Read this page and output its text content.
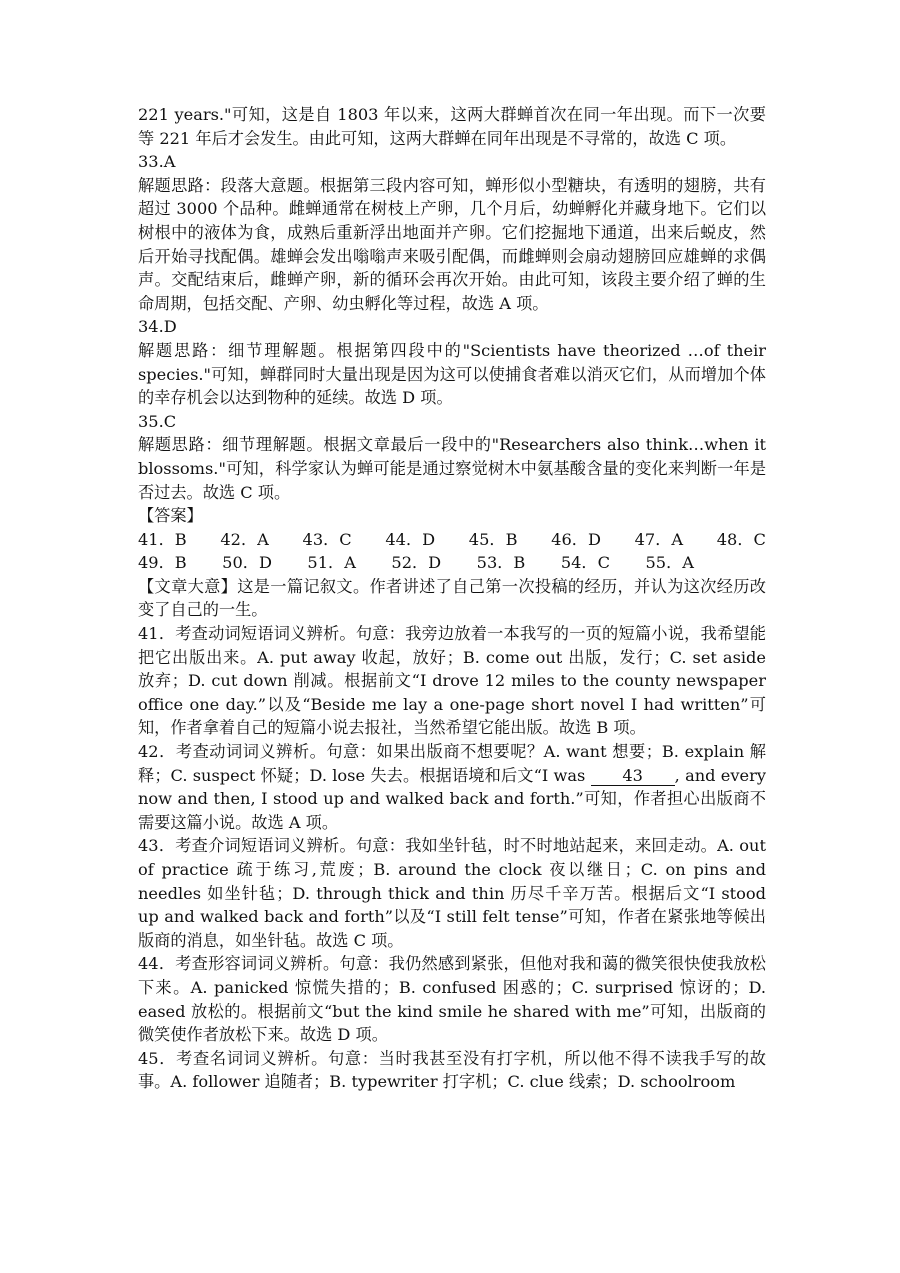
221 years."可知，这是自 1803 年以来，这两大群蝉首次在同一年出现。而下一次要等 221 年后才会发生。由此可知，这两大群蝉在同年出现是不寻常的，故选 C 项。

33.A

解题思路：段落大意题。根据第三段内容可知，蝉形似小型糖块，有透明的翅膀，共有超过 3000 个品种。雌蝉通常在树枝上产卵，几个月后，幼蝉孵化并藏身地下。它们以树根中的液体为食，成熟后重新浮出地面并产卵。它们挖掘地下通道，出来后蜕皮，然后开始寻找配偶。雄蝉会发出嗡嗡声来吸引配偶，而雌蝉则会扇动翅膀回应雄蝉的求偶声。交配结束后，雌蝉产卵，新的循环会再次开始。由此可知，该段主要介绍了蝉的生命周期，包括交配、产卵、幼虫孵化等过程，故选 A 项。

34.D

解题思路：细节理解题。根据第四段中的"Scientists have theorized …of their species."可知，蝉群同时大量出现是因为这可以使捕食者难以消灭它们，从而增加个体的幸存机会以达到物种的延续。故选 D 项。

35.C

解题思路：细节理解题。根据文章最后一段中的"Researchers also think…when it blossoms."可知，科学家认为蝉可能是通过察觉树木中氨基酸含量的变化来判断一年是否过去。故选 C 项。

【答案】

41．B 42．A 43．C 44．D 45．B 46．D 47．A 48．C
49．B 50．D 51．A 52．D 53．B 54．C 55．A

【文章大意】这是一篇记叙文。作者讲述了自己第一次投稿的经历，并认为这次经历改变了自己的一生。

41．考查动词短语词义辨析。句意：我旁边放着一本我写的一页的短篇小说，我希望能把它出版出来。A. put away 收起，放好；B. come out 出版，发行；C. set aside 放弃；D. cut down 削减。根据前文“I drove 12 miles to the county newspaper office one day.”以及“Beside me lay a one-page short novel I had written”可知，作者拿着自己的短篇小说去报社，当然希望它能出版。故选 B 项。

42．考查动词词义辨析。句意：如果出版商不想要呢？A. want 想要；B. explain 解释；C. suspect 怀疑；D. lose 失去。根据语境和后文“I was 43 , and every now and then, I stood up and walked back and forth.”可知，作者担心出版商不需要这篇小说。故选 A 项。

43．考查介词短语词义辨析。句意：我如坐针毡，时不时地站起来，来回走动。A. out of practice 疏于练习,荒废；B. around the clock 夜以继日；C. on pins and needles 如坐针毡；D. through thick and thin 历尽千辛万苦。根据后文“I stood up and walked back and forth”以及“I still felt tense”可知，作者在紧张地等候出版商的消息，如坐针毡。故选 C 项。

44．考查形容词词义辨析。句意：我仍然感到紧张，但他对我和蔼的微笑很快使我放松下来。A. panicked 惊慌失措的；B. confused 困惑的；C. surprised 惊讶的；D. eased 放松的。根据前文“but the kind smile he shared with me”可知，出版商的微笑使作者放松下来。故选 D 项。

45．考查名词词义辨析。句意：当时我甚至没有打字机，所以他不得不读我手写的故事。A. follower 追随者；B. typewriter 打字机；C. clue 线索；D. schoolroom
